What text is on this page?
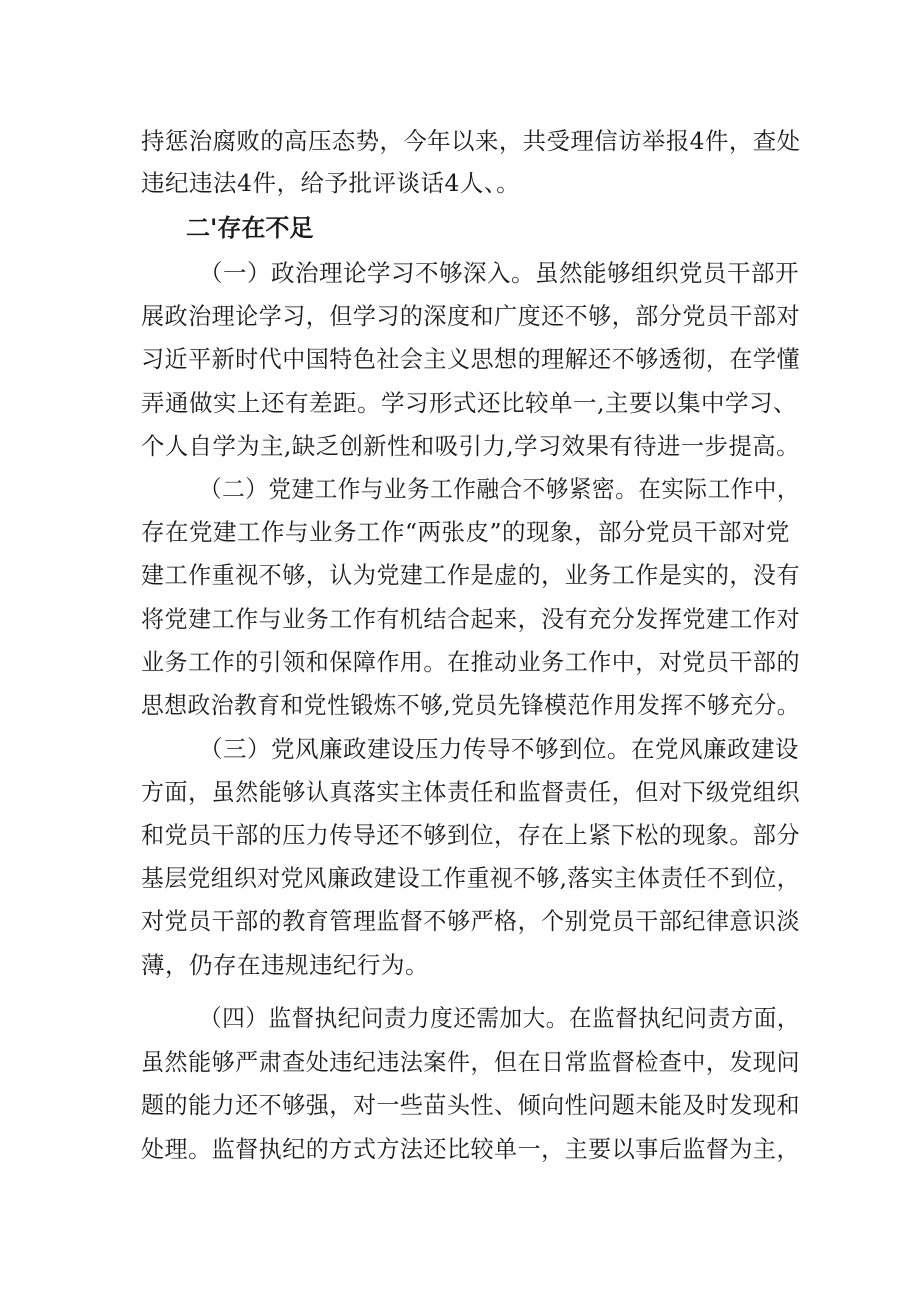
持惩治腐败的高压态势，今年以来，共受理信访举报4件，查处
违纪违法4件，给予批评谈话4人、。
二'存在不足
（一）政治理论学习不够深入。虽然能够组织党员干部开
展政治理论学习，但学习的深度和广度还不够，部分党员干部对
习近平新时代中国特色社会主义思想的理解还不够透彻，在学懂
弄通做实上还有差距。学习形式还比较单一,主要以集中学习、
个人自学为主,缺乏创新性和吸引力,学习效果有待进一步提高。
（二）党建工作与业务工作融合不够紧密。在实际工作中，
存在党建工作与业务工作“两张皮”的现象，部分党员干部对党
建工作重视不够，认为党建工作是虚的，业务工作是实的，没有
将党建工作与业务工作有机结合起来，没有充分发挥党建工作对
业务工作的引领和保障作用。在推动业务工作中，对党员干部的
思想政治教育和党性锻炼不够,党员先锋模范作用发挥不够充分。
（三）党风廉政建设压力传导不够到位。在党风廉政建设
方面，虽然能够认真落实主体责任和监督责任，但对下级党组织
和党员干部的压力传导还不够到位，存在上紧下松的现象。部分
基层党组织对党风廉政建设工作重视不够,落实主体责任不到位，
对党员干部的教育管理监督不够严格，个别党员干部纪律意识淡
薄，仍存在违规违纪行为。
（四）监督执纪问责力度还需加大。在监督执纪问责方面，
虽然能够严肃查处违纪违法案件，但在日常监督检查中，发现问
题的能力还不够强，对一些苗头性、倾向性问题未能及时发现和
处理。监督执纪的方式方法还比较单一，主要以事后监督为主，
